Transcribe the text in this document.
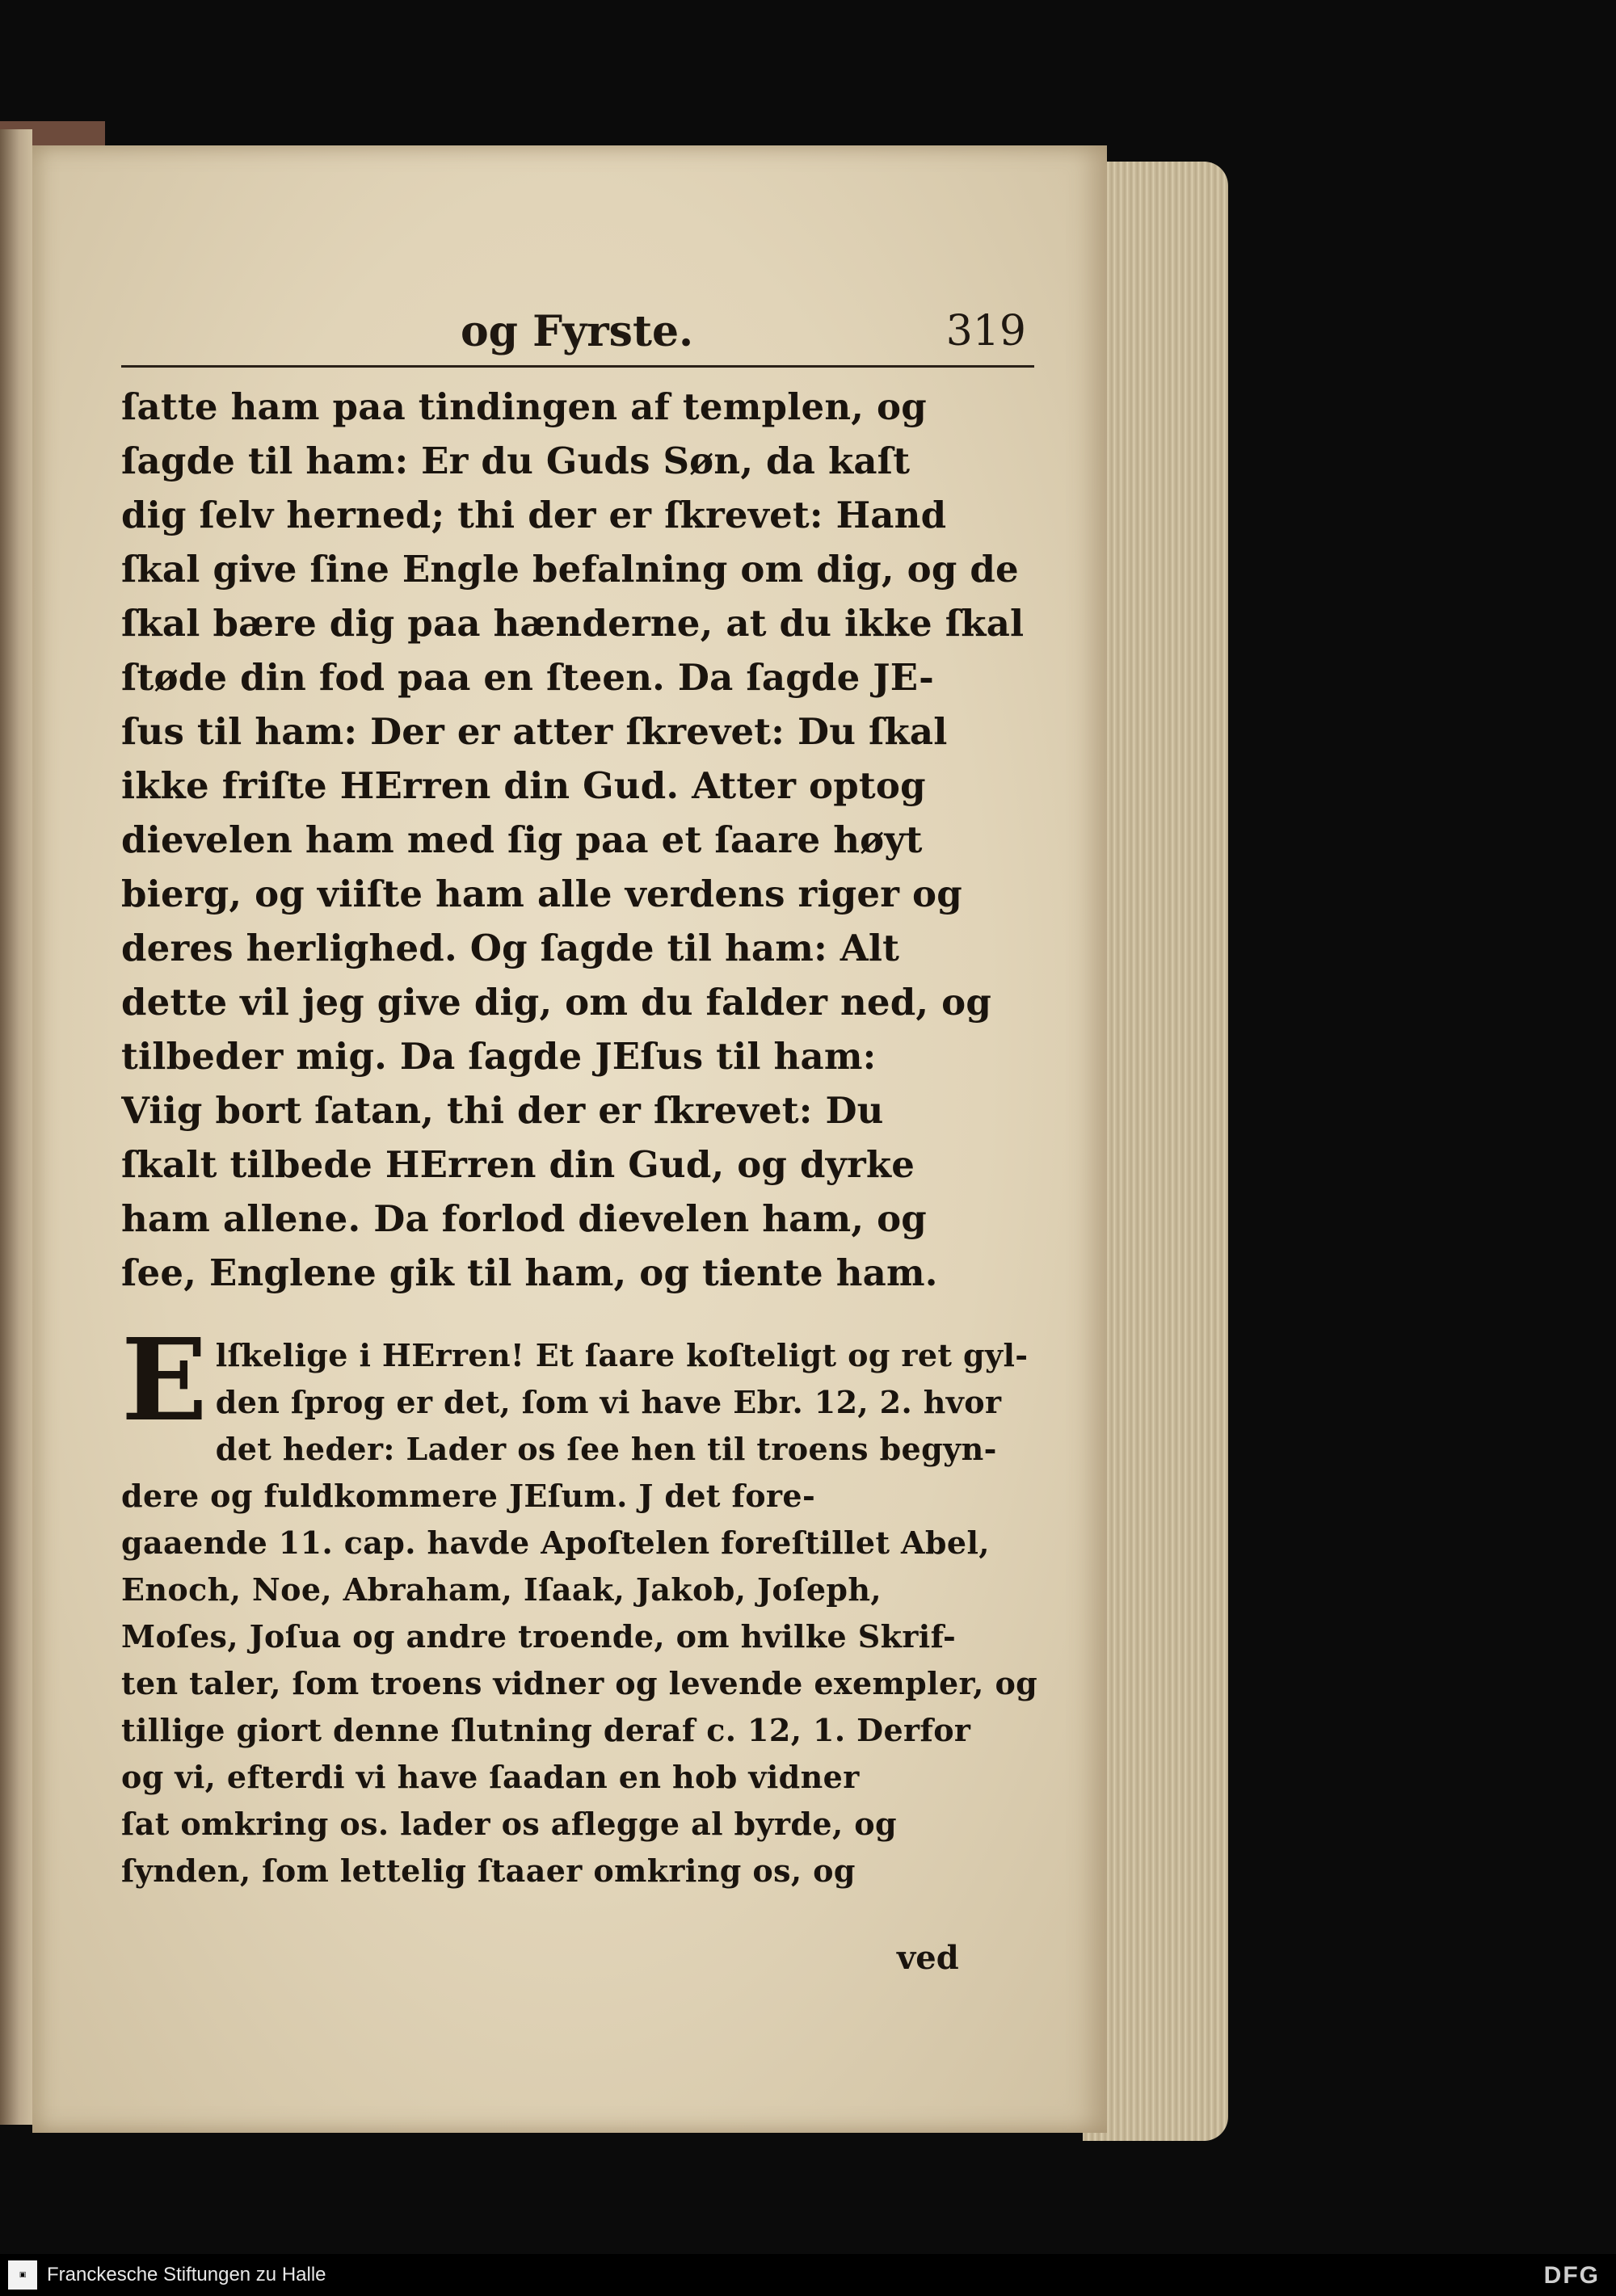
og Fyrste.	319
ſatte ham paa tindingen af templen, og
ſagde til ham: Er du Guds Søn, da kaſt
dig ſelv herned; thi der er ſkrevet: Hand
ſkal give ſine Engle befalning om dig, og de
ſkal bære dig paa hænderne, at du ikke ſkal
ſtøde din fod paa en ſteen. Da ſagde JE-
ſus til ham: Der er atter ſkrevet: Du ſkal
ikke friſte HErren din Gud. Atter optog
dievelen ham med ſig paa et ſaare høyt
bierg, og viiſte ham alle verdens riger og
deres herlighed. Og ſagde til ham: Alt
dette vil jeg give dig, om du falder ned, og
tilbeder mig. Da ſagde JEſus til ham:
Viig bort ſatan, thi der er ſkrevet: Du
ſkalt tilbede HErren din Gud, og dyrke
ham allene. Da forlod dievelen ham, og
ſee, Englene gik til ham, og tiente ham.
E lſkelige i HErren! Et ſaare koſteligt og ret gyl-
den ſprog er det, ſom vi have Ebr. 12, 2. hvor
det heder: Lader os ſee hen til troens begyn-
dere og fuldkommere JEſum. J det fore-
gaaende 11. cap. havde Apoſtelen foreſtillet Abel,
Enoch, Noe, Abraham, Iſaak, Jakob, Joſeph,
Moſes, Joſua og andre troende, om hvilke Skrif-
ten taler, ſom troens vidner og levende exempler, og
tillige giort denne ſlutning deraf c. 12, 1. Derfor
og vi, efterdi vi have ſaadan en hob vidner
ſat omkring os. lader os aflegge al byrde, og
ſynden, ſom lettelig ſtaaer omkring os, og
ved
▣	Franckesche Stiftungen zu Halle	DFG
